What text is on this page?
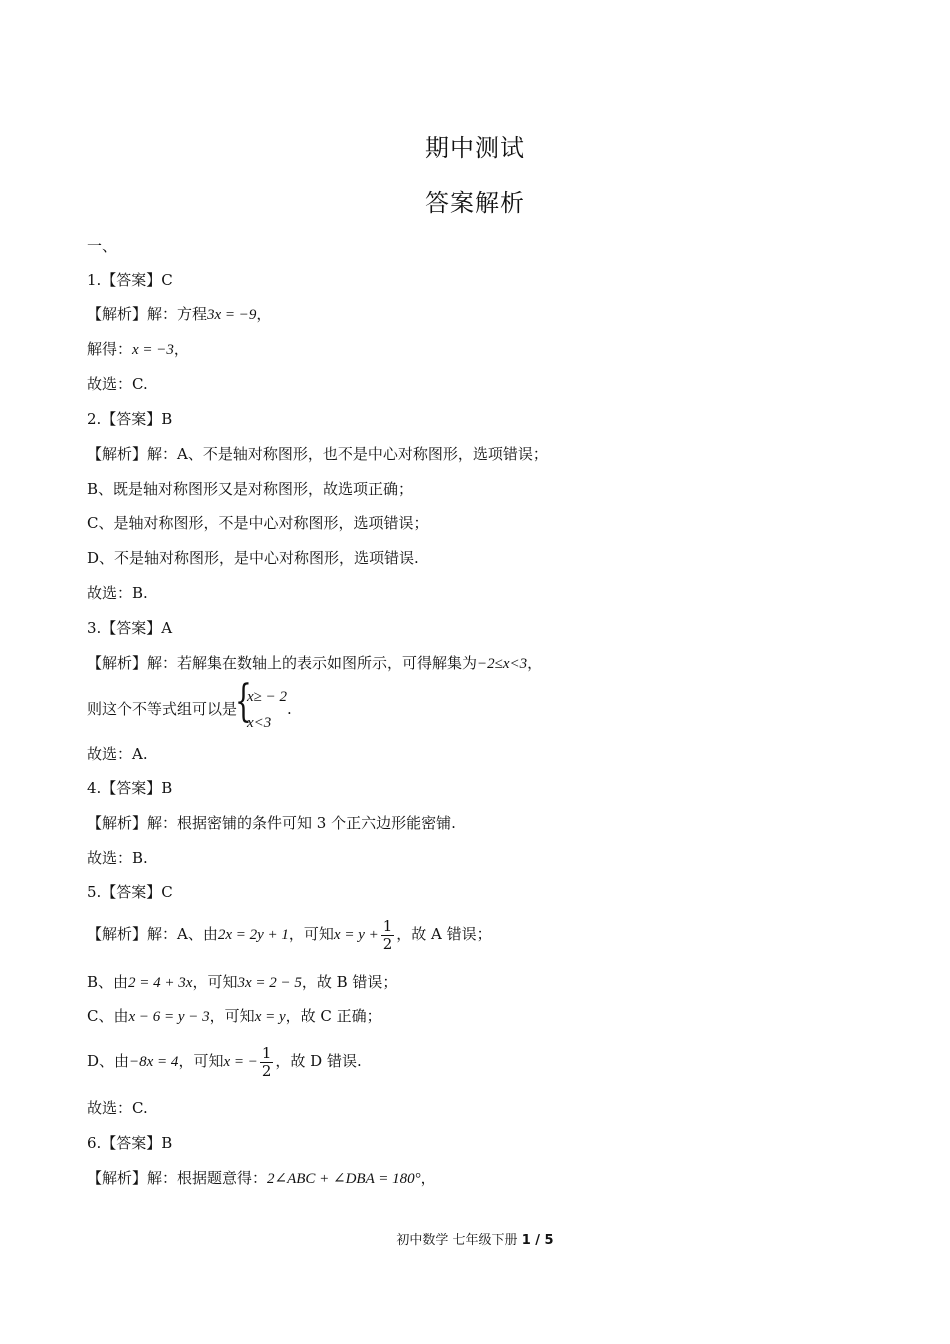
期中测试
答案解析
一、
1.【答案】C
【解析】解：方程3x = −9，
解得：x = −3，
故选：C.
2.【答案】B
【解析】解：A、不是轴对称图形，也不是中心对称图形，选项错误；
B、既是轴对称图形又是对称图形，故选项正确；
C、是轴对称图形，不是中心对称图形，选项错误；
D、不是轴对称图形，是中心对称图形，选项错误.
故选：B.
3.【答案】A
【解析】解：若解集在数轴上的表示如图所示，可得解集为−2≤x<3，
则这个不等式组可以是
{
x≥ − 2
x<3
.
故选：A.
4.【答案】B
【解析】解：根据密铺的条件可知 3 个正六边形能密铺.
故选：B.
5.【答案】C
【解析】解：A、由2x = 2y + 1，可知$x = y + \frac{1}{2}$ ，故 A 错误；
B、由2 = 4 + 3x，可知3x = 2 − 5，故 B 错误；
C、由x − 6 = y − 3，可知x = y，故 C 正确；
D、由−8x = 4，可知x = − $\frac{1}{2}$ ，故 D 错误.
故选：C.
6.【答案】B
【解析】解：根据题意得：2∠ABC + ∠DBA = 180°，
初中数学 七年级下册 1 / 5
